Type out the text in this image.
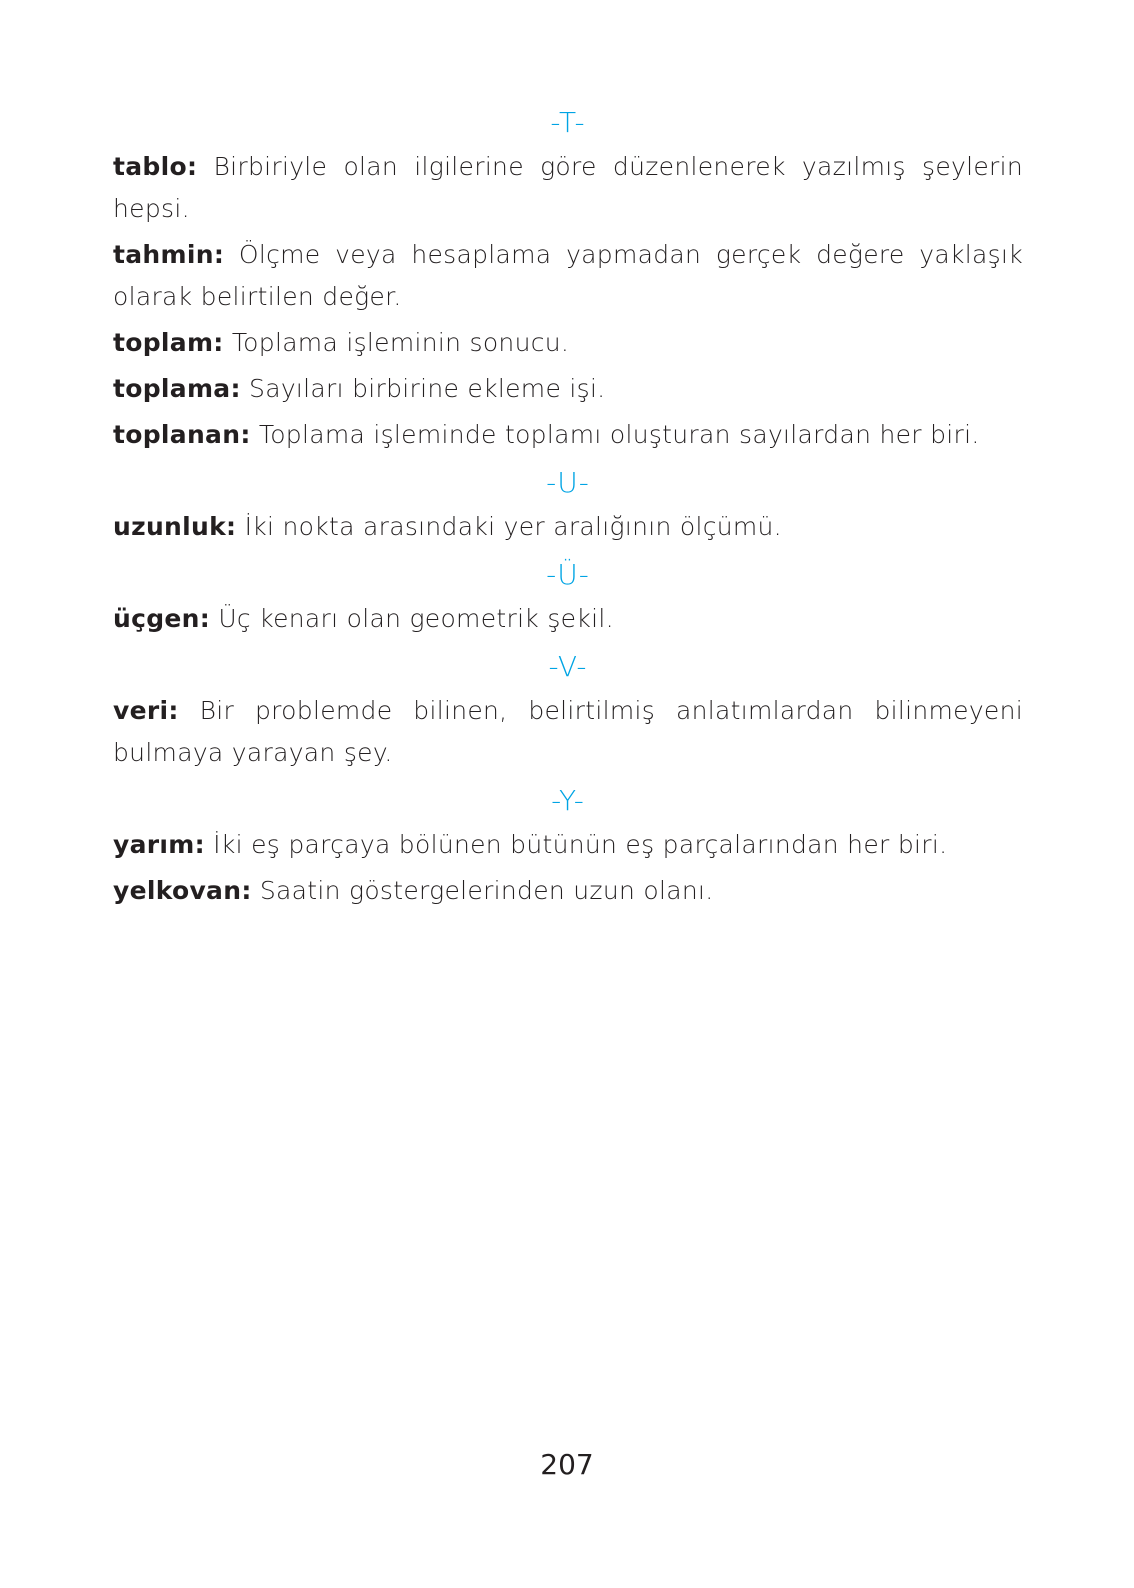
-T-
tablo: Birbiriyle olan ilgilerine göre düzenlenerek yazılmış şeylerin hepsi.
tahmin: Ölçme veya hesaplama yapmadan gerçek değere yaklaşık olarak belirtilen değer.
toplam: Toplama işleminin sonucu.
toplama: Sayıları birbirine ekleme işi.
toplanan: Toplama işleminde toplamı oluşturan sayılardan her biri.
-U-
uzunluk: İki nokta arasındaki yer aralığının ölçümü.
-Ü-
üçgen: Üç kenarı olan geometrik şekil.
-V-
veri: Bir problemde bilinen, belirtilmiş anlatımlardan bilinmeyeni bulmaya yarayan şey.
-Y-
yarım: İki eş parçaya bölünen bütünün eş parçalarından her biri.
yelkovan: Saatin göstergelerinden uzun olanı.
207
